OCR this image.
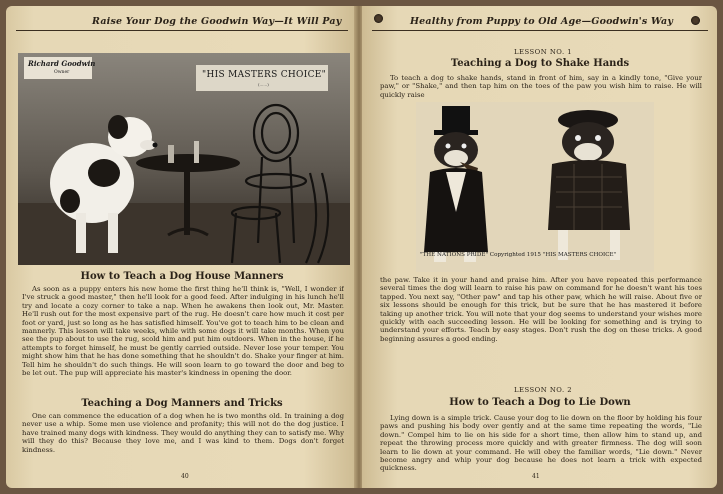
Raise Your Dog the Goodwin Way—It Will Pay
Richard Goodwin
Owner	"HIS MASTERS CHOICE"
(......)
How to Teach a Dog House Manners

As soon as a puppy enters his new home the first thing he'll think is, "Well, I wonder if I've struck a good master," then he'll look for a good feed. After indulging in his lunch he'll try and locate a cozy corner to take a nap. When he awakens then look out, Mr. Master. He'll rush out for the most expensive part of the rug. He doesn't care how much it cost per foot or yard, just so long as he has satisfied himself. You've got to teach him to be clean and mannerly. This lesson will take weeks, while with some dogs it will take months. When you see the pup about to use the rug, scold him and put him outdoors. When in the house, if he attempts to forget himself, he must be gently carried outside. Never lose your temper. You might show him that he has done something that he shouldn't do. Shake your finger at him. Tell him he shouldn't do such things. He will soon learn to go toward the door and beg to be let out. The pup will appreciate his master's kindness in opening the door.

Teaching a Dog Manners and Tricks

One can commence the education of a dog when he is two months old. In training a dog never use a whip. Some men use violence and profanity; this will not do the dog justice. I have trained many dogs with kindness. They would do anything they can to satisfy me. Why will they do this? Because they love me, and I was kind to them. Dogs don't forget kindness.

40
Healthy from Puppy to Old Age—Goodwin's Way
LESSON NO. 1
Teaching a Dog to Shake Hands

To teach a dog to shake hands, stand in front of him, say in a kindly tone, "Give your paw," or "Shake," and then tap him on the toes of the paw you wish him to raise. He will quickly raise

"THE NATIONS PRIDE" Copyrighted 1915 "HIS MASTERS CHOICE"

the paw. Take it in your hand and praise him. After you have repeated this performance several times the dog will learn to raise his paw on command for he doesn't want his toes tapped. You next say, "Other paw" and tap his other paw, which he will raise. About five or six lessons should be enough for this trick, but be sure that he has mastered it before taking up another trick. You will note that your dog seems to understand your wishes more quickly with each succeeding lesson. He will be looking for something and is trying to understand your efforts. Teach by easy stages. Don't rush the dog on these tricks. A good beginning assures a good ending.

LESSON NO. 2
How to Teach a Dog to Lie Down

Lying down is a simple trick. Cause your dog to lie down on the floor by holding his four paws and pushing his body over gently and at the same time repeating the words, "Lie down." Compel him to lie on his side for a short time, then allow him to stand up, and repeat the throwing process more quickly and with greater firmness. The dog will soon learn to lie down at your command. He will obey the familiar words, "Lie down." Never become angry and whip your dog because he does not learn a trick with expected quickness.

41
